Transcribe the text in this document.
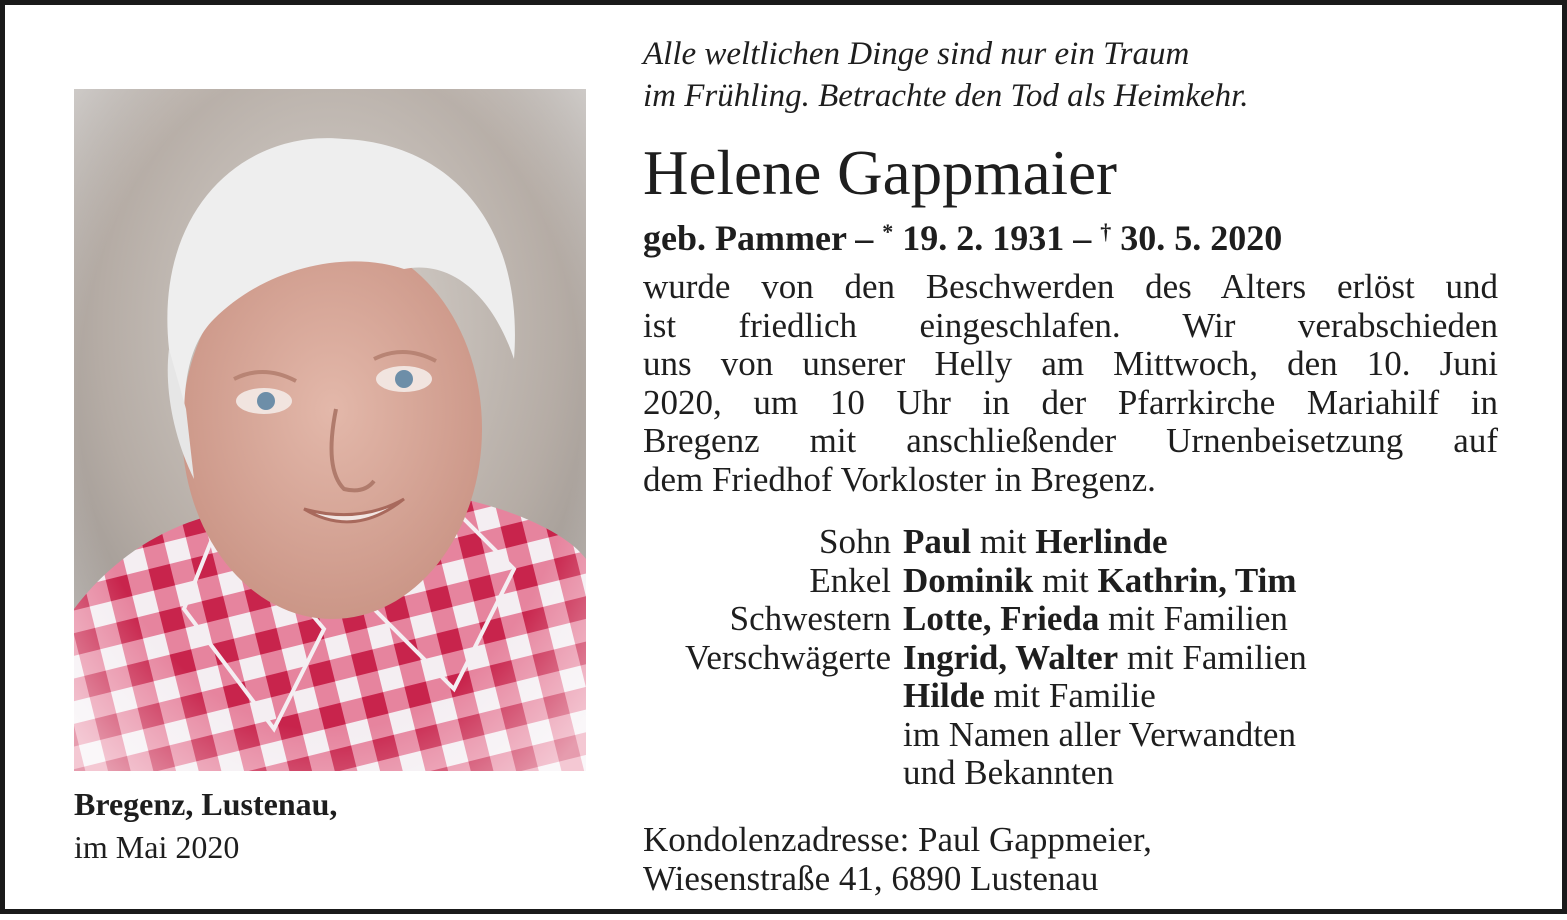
Bregenz, Lustenau,
im Mai 2020
Alle weltlichen Dinge sind nur ein Traum
im Frühling. Betrachte den Tod als Heimkehr.
Helene Gappmaier
geb. Pammer – * 19. 2. 1931 – † 30. 5. 2020
wurde von den Beschwerden des Alters erlöst und
ist friedlich eingeschlafen. Wir verabschieden
uns von unserer Helly am Mittwoch, den 10. Juni
2020, um 10 Uhr in der Pfarrkirche Mariahilf in
Bregenz mit anschließender Urnenbeisetzung auf
dem Friedhof Vorkloster in Bregenz.
Sohn Paul mit Herlinde
Enkel Dominik mit Kathrin, Tim
Schwestern Lotte, Frieda mit Familien
Verschwägerte Ingrid, Walter mit Familien
Hilde mit Familie
im Namen aller Verwandten
und Bekannten
Kondolenzadresse: Paul Gappmeier,
Wiesenstraße 41, 6890 Lustenau
